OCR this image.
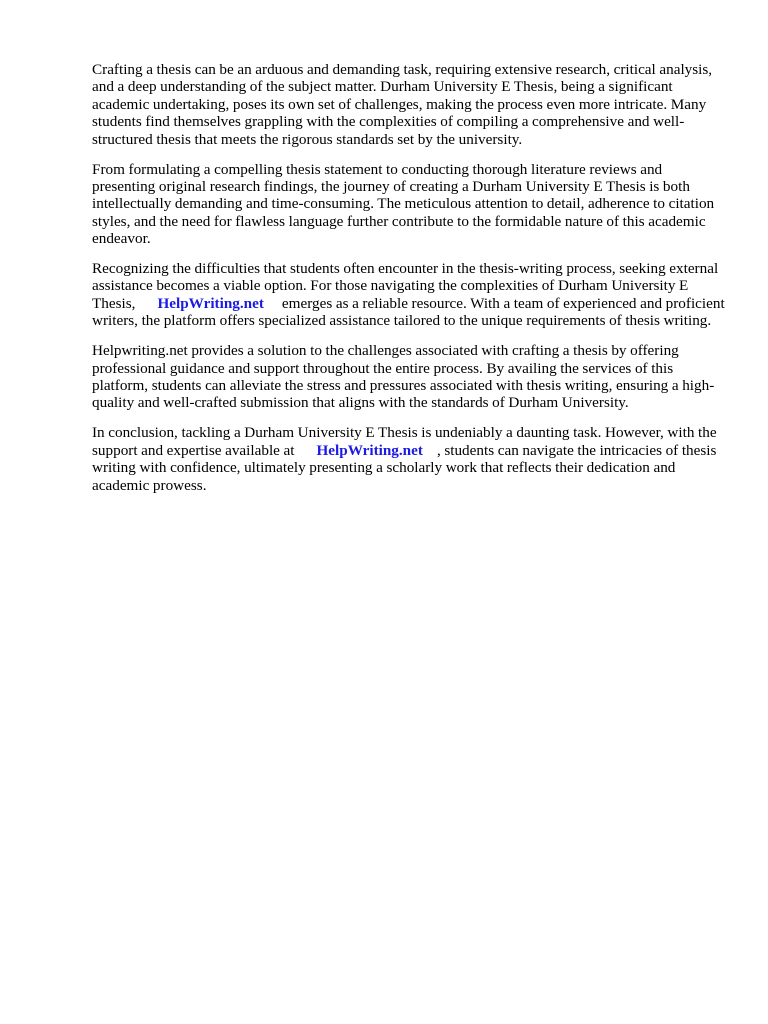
Crafting a thesis can be an arduous and demanding task, requiring extensive research, critical analysis, and a deep understanding of the subject matter. Durham University E Thesis, being a significant academic undertaking, poses its own set of challenges, making the process even more intricate. Many students find themselves grappling with the complexities of compiling a comprehensive and well-structured thesis that meets the rigorous standards set by the university.

From formulating a compelling thesis statement to conducting thorough literature reviews and presenting original research findings, the journey of creating a Durham University E Thesis is both intellectually demanding and time-consuming. The meticulous attention to detail, adherence to citation styles, and the need for flawless language further contribute to the formidable nature of this academic endeavor.

Recognizing the difficulties that students often encounter in the thesis-writing process, seeking external assistance becomes a viable option. For those navigating the complexities of Durham University E Thesis, HelpWriting.net emerges as a reliable resource. With a team of experienced and proficient writers, the platform offers specialized assistance tailored to the unique requirements of thesis writing.

Helpwriting.net provides a solution to the challenges associated with crafting a thesis by offering professional guidance and support throughout the entire process. By availing the services of this platform, students can alleviate the stress and pressures associated with thesis writing, ensuring a high-quality and well-crafted submission that aligns with the standards of Durham University.

In conclusion, tackling a Durham University E Thesis is undeniably a daunting task. However, with the support and expertise available at HelpWriting.net , students can navigate the intricacies of thesis writing with confidence, ultimately presenting a scholarly work that reflects their dedication and academic prowess.
